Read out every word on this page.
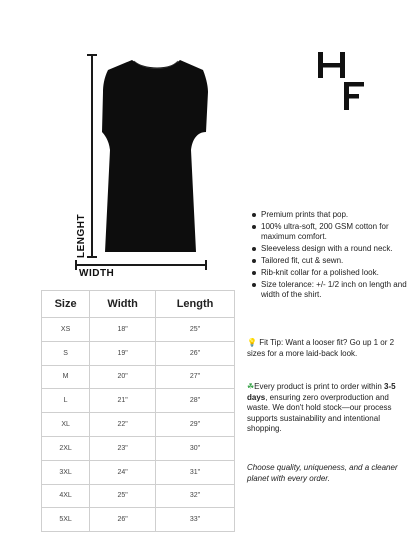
LENGHT
WIDTH
Size	Width	Length
XS	18"	25"
S	19"	26"
M	20"	27"
L	21"	28"
XL	22"	29"
2XL	23"	30"
3XL	24"	31"
4XL	25"	32"
5XL	26"	33"
Premium prints that pop.
100% ultra-soft, 200 GSM cotton for maximum comfort.
Sleeveless design with a round neck.
Tailored fit, cut & sewn.
Rib-knit collar for a polished look.
Size tolerance: +/- 1/2 inch on length and width of the shirt.
💡 Fit Tip: Want a looser fit? Go up 1 or 2 sizes for a more laid-back look.
☘Every product is print to order within 3-5 days, ensuring zero overproduction and waste. We don't hold stock—our process supports sustainability and intentional shopping.
Choose quality, uniqueness, and a cleaner planet with every order.
